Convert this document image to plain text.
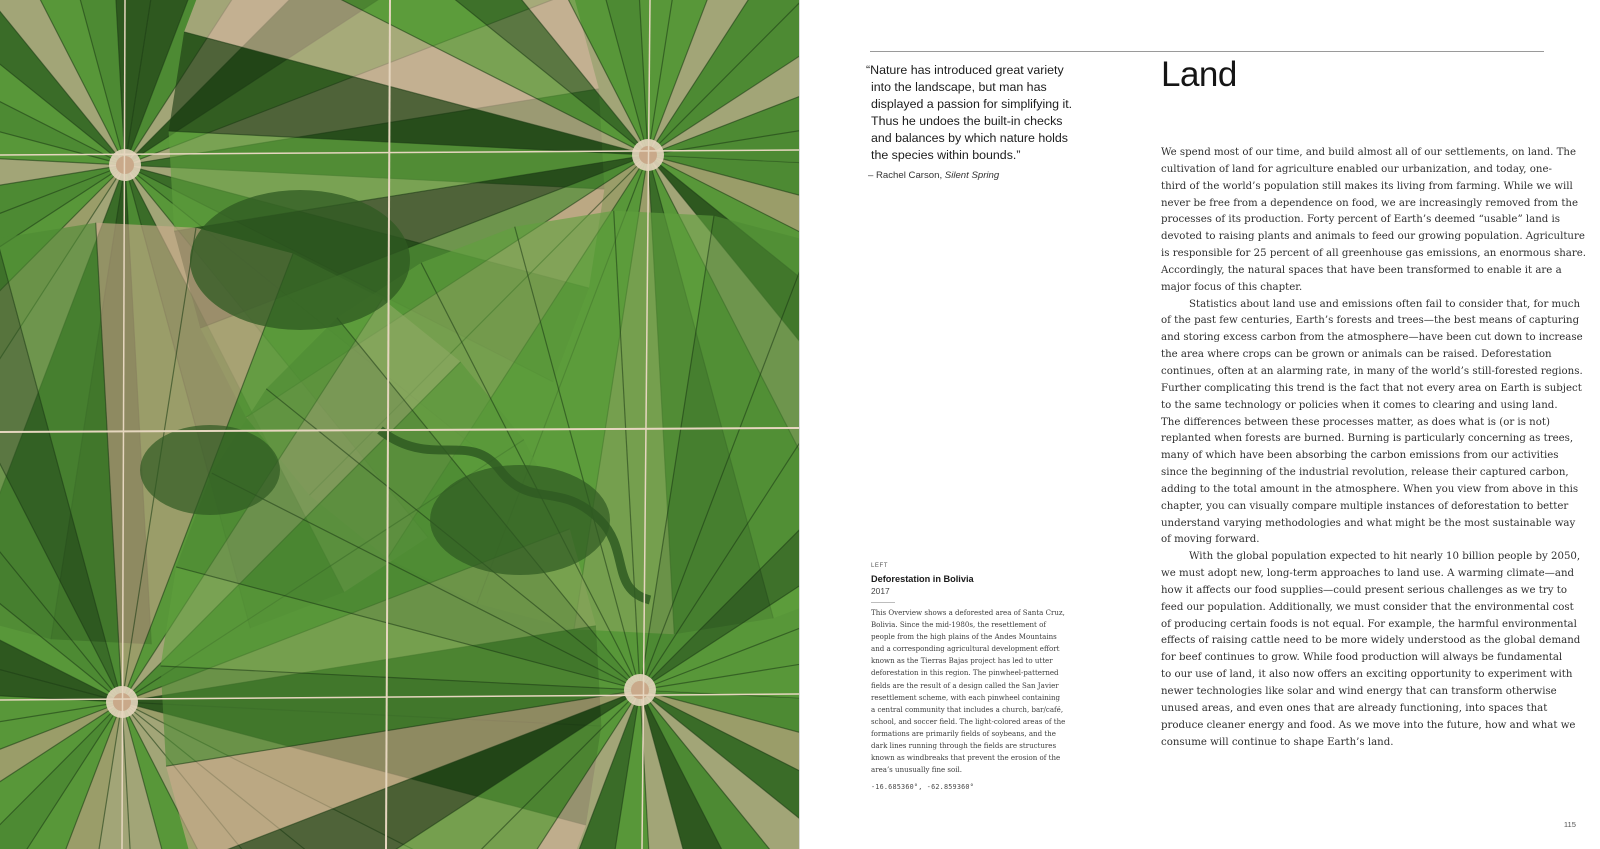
“Nature has introduced great variety
into the landscape, but man has
displayed a passion for simplifying it.
Thus he undoes the built-in checks
and balances by which nature holds
the species within bounds.”
– Rachel Carson, Silent Spring
Land
We spend most of our time, and build almost all of our settlements, on land. The
cultivation of land for agriculture enabled our urbanization, and today, one-
third of the world’s population still makes its living from farming. While we will
never be free from a dependence on food, we are increasingly removed from the
processes of its production. Forty percent of Earth’s deemed “usable” land is
devoted to raising plants and animals to feed our growing population. Agriculture
is responsible for 25 percent of all greenhouse gas emissions, an enormous share.
Accordingly, the natural spaces that have been transformed to enable it are a
major focus of this chapter.
Statistics about land use and emissions often fail to consider that, for much
of the past few centuries, Earth’s forests and trees—the best means of capturing
and storing excess carbon from the atmosphere—have been cut down to increase
the area where crops can be grown or animals can be raised. Deforestation
continues, often at an alarming rate, in many of the world’s still-forested regions.
Further complicating this trend is the fact that not every area on Earth is subject
to the same technology or policies when it comes to clearing and using land.
The differences between these processes matter, as does what is (or is not)
replanted when forests are burned. Burning is particularly concerning as trees,
many of which have been absorbing the carbon emissions from our activities
since the beginning of the industrial revolution, release their captured carbon,
adding to the total amount in the atmosphere. When you view from above in this
chapter, you can visually compare multiple instances of deforestation to better
understand varying methodologies and what might be the most sustainable way
of moving forward.
With the global population expected to hit nearly 10 billion people by 2050,
we must adopt new, long-term approaches to land use. A warming climate—and
how it affects our food supplies—could present serious challenges as we try to
feed our population. Additionally, we must consider that the environmental cost
of producing certain foods is not equal. For example, the harmful environmental
effects of raising cattle need to be more widely understood as the global demand
for beef continues to grow. While food production will always be fundamental
to our use of land, it also now offers an exciting opportunity to experiment with
newer technologies like solar and wind energy that can transform otherwise
unused areas, and even ones that are already functioning, into spaces that
produce cleaner energy and food. As we move into the future, how and what we
consume will continue to shape Earth’s land.
LEFT
Deforestation in Bolivia
2017
This Overview shows a deforested area of Santa Cruz,
Bolivia. Since the mid-1980s, the resettlement of
people from the high plains of the Andes Mountains
and a corresponding agricultural development effort
known as the Tierras Bajas project has led to utter
deforestation in this region. The pinwheel-patterned
fields are the result of a design called the San Javier
resettlement scheme, with each pinwheel containing
a central community that includes a church, bar/café,
school, and soccer field. The light-colored areas of the
formations are primarily fields of soybeans, and the
dark lines running through the fields are structures
known as windbreaks that prevent the erosion of the
area’s unusually fine soil.
-16.685360°, -62.859360°
115
